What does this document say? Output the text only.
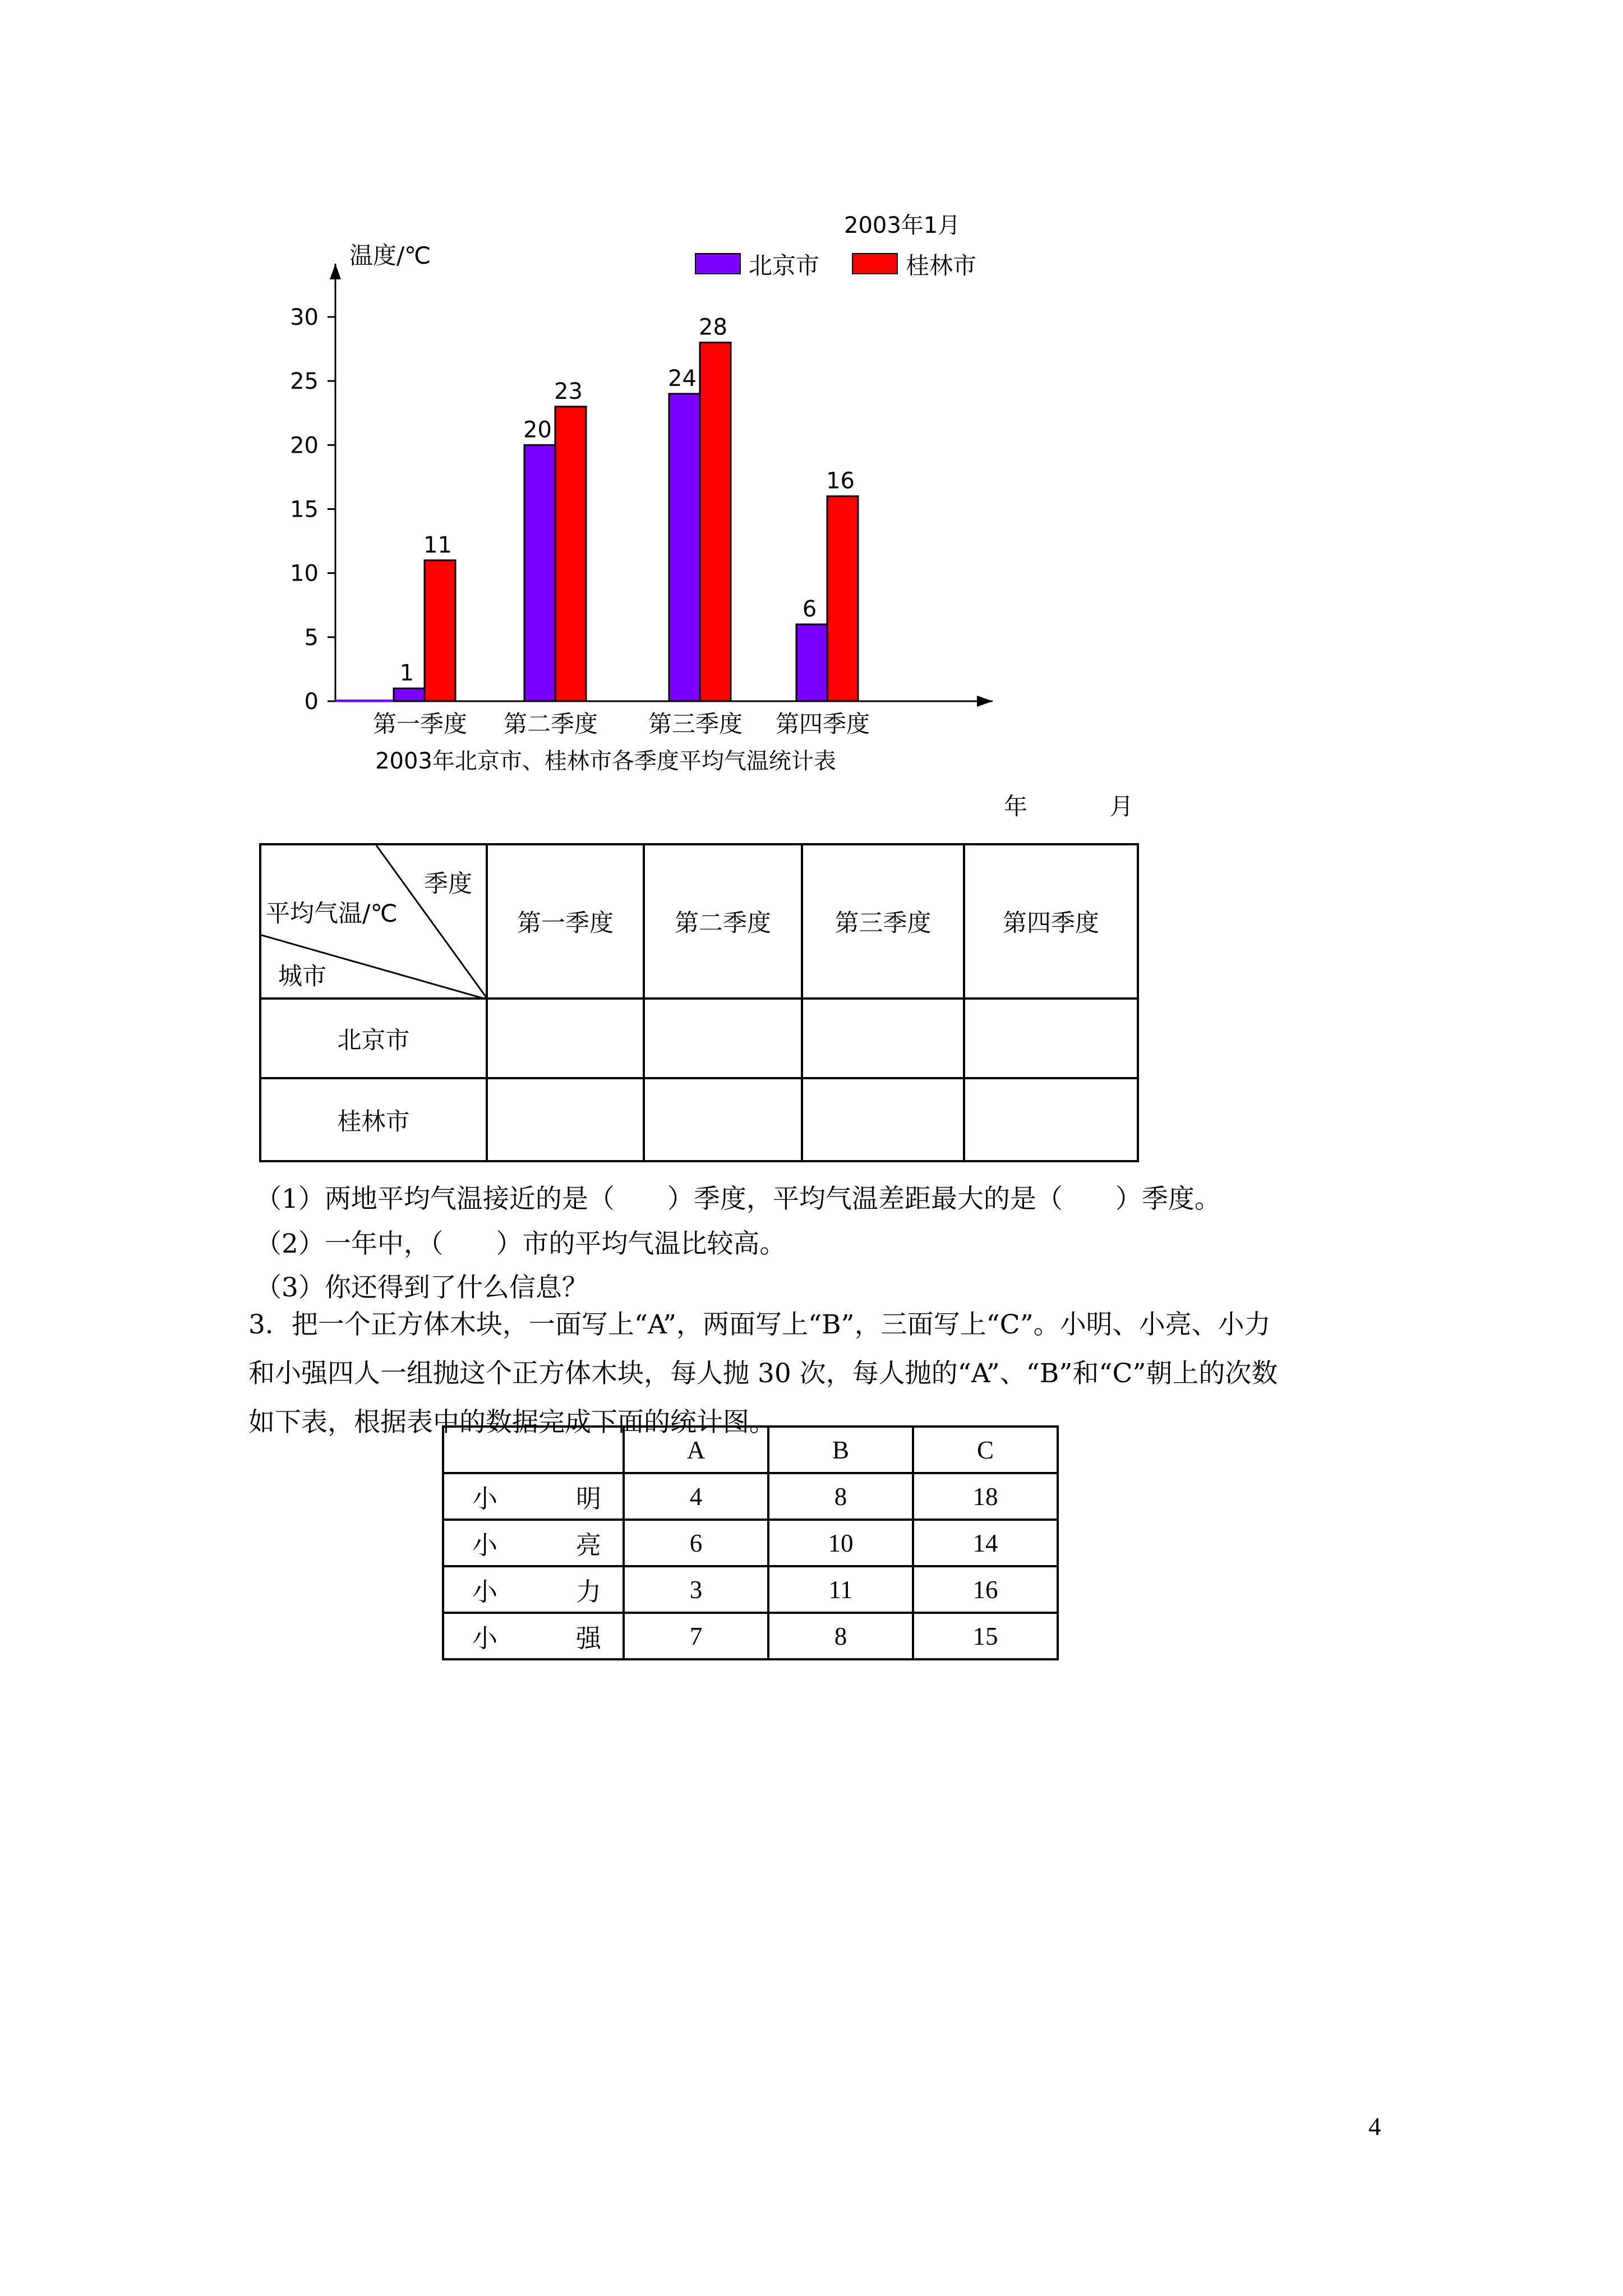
2003年1月
温度/℃	北京市	桂林市
0
5
10
15
20
25
30
1
11
20
23	24
28
6
16
第一季度 第二季度 第三季度 第四季度
2003年北京市、桂林市各季度平均气温统计表
年	月
季度
平均气温/℃
城市	第一季度	第二季度	第三季度	第四季度
北京市				
桂林市				
（1）两地平均气温接近的是（　　）季度，平均气温差距最大的是（　　）季度。
（2）一年中，（　　）市的平均气温比较高。
（3）你还得到了什么信息？
3．把一个正方体木块，一面写上“A”，两面写上“B”，三面写上“C”。小明、小亮、小力
和小强四人一组抛这个正方体木块，每人抛 30 次，每人抛的“A”、“B”和“C”朝上的次数
如下表，根据表中的数据完成下面的统计图。
	A	B	C

小 明	4	8	18

小 亮	6	10	14

小 力	3	11	16

小 强	7	8	15
4
